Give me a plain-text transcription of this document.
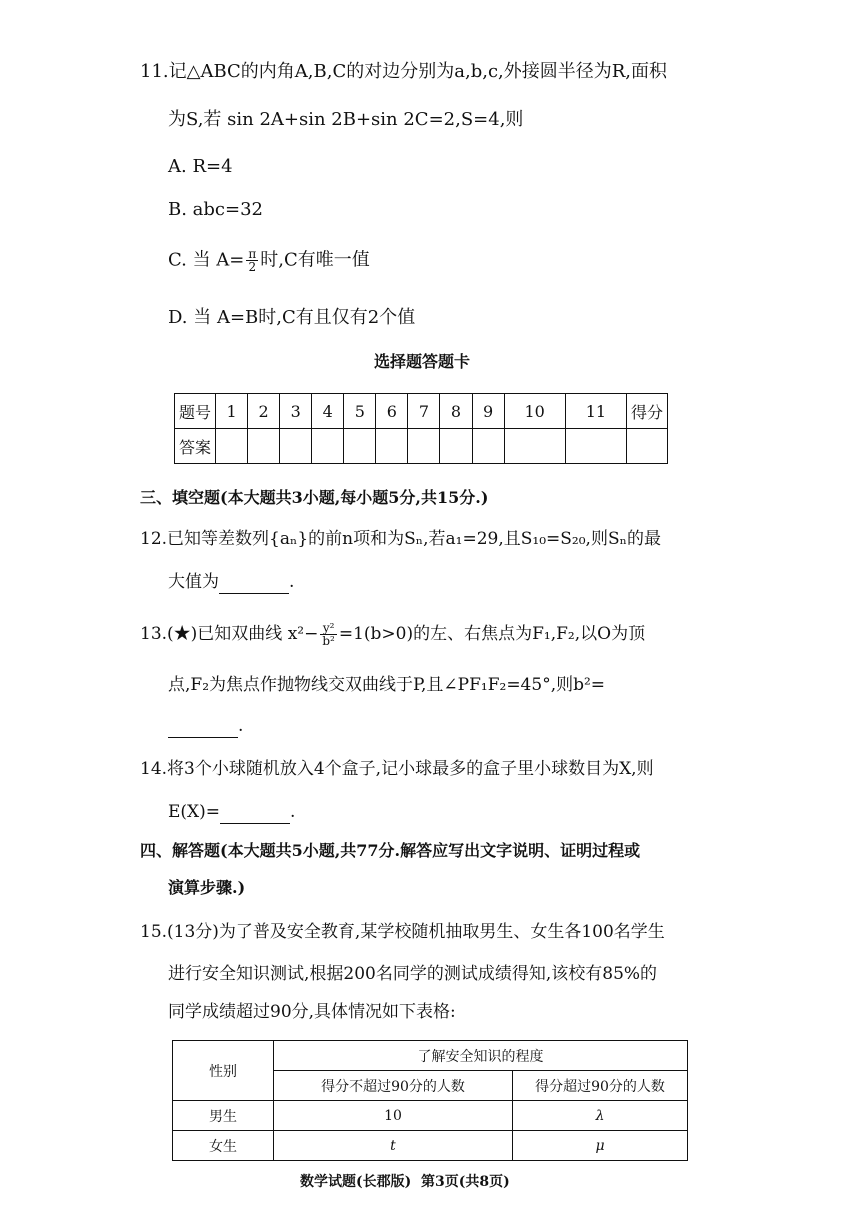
11.记△ABC的内角A,B,C的对边分别为a,b,c,外接圆半径为R,面积
为S,若 sin 2A+sin 2B+sin 2C=2,S=4,则
A. R=4
B. abc=32
C. 当 $A= \frac{\pi}{2}$ 时,C有唯一值
D. 当 A=B时,C有且仅有2个值
选择题答题卡
题号	1	2	3	4	5	6	7	8	9	10	11	得分
答案												
三、填空题(本大题共3小题,每小题5分,共15分.)
12.已知等差数列{aₙ}的前n项和为Sₙ,若a₁=29,且S₁₀=S₂₀,则Sₙ的最
大值为	.
13.(★)已知双曲线 $x^2- \frac{\text{y²}}{\text{b²}} =1(b>0)$的左、右焦点为F₁,F₂,以O为顶
点,F₂为焦点作抛物线交双曲线于P,且∠PF₁F₂=45°,则b²=
.
14.将3个小球随机放入4个盒子,记小球最多的盒子里小球数目为X,则
E(X)=	.
四、解答题(本大题共5小题,共77分.解答应写出文字说明、证明过程或
演算步骤.)
15.(13分)为了普及安全教育,某学校随机抽取男生、女生各100名学生
进行安全知识测试,根据200名同学的测试成绩得知,该校有85%的
同学成绩超过90分,具体情况如下表格:
性别	了解安全知识的程度	
	得分不超过90分的人数	得分超过90分的人数
男生	10	λ
女生	t	μ
数学试题(长郡版)  第3页(共8页)
